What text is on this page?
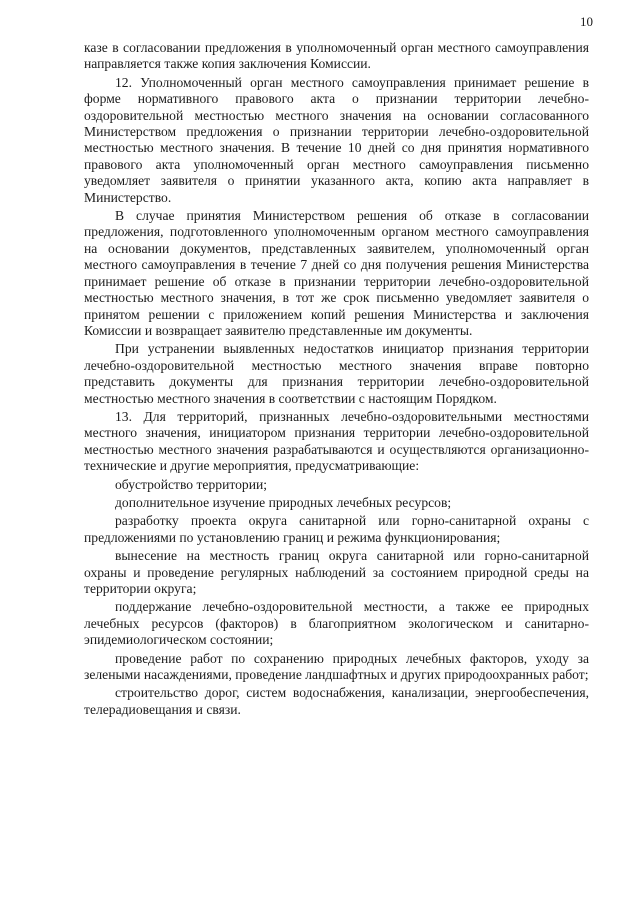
10

казе в согласовании предложения в уполномоченный орган местного самоуправления направляется также копия заключения Комиссии.

12. Уполномоченный орган местного самоуправления принимает решение в форме нормативного правового акта о признании территории лечебно-оздоровительной местностью местного значения на основании согласованного Министерством предложения о признании территории лечебно-оздоровительной местностью местного значения. В течение 10 дней со дня принятия нормативного правового акта уполномоченный орган местного самоуправления письменно уведомляет заявителя о принятии указанного акта, копию акта направляет в Министерство.

В случае принятия Министерством решения об отказе в согласовании предложения, подготовленного уполномоченным органом местного самоуправления на основании документов, представленных заявителем, уполномоченный орган местного самоуправления в течение 7 дней со дня получения решения Министерства принимает решение об отказе в признании территории лечебно-оздоровительной местностью местного значения, в тот же срок письменно уведомляет заявителя о принятом решении с приложением копий решения Министерства и заключения Комиссии и возвращает заявителю представленные им документы.

При устранении выявленных недостатков инициатор признания территории лечебно-оздоровительной местностью местного значения вправе повторно представить документы для признания территории лечебно-оздоровительной местностью местного значения в соответствии с настоящим Порядком.

13. Для территорий, признанных лечебно-оздоровительными местностями местного значения, инициатором признания территории лечебно-оздоровительной местностью местного значения разрабатываются и осуществляются организационно-технические и другие мероприятия, предусматривающие:

обустройство территории;

дополнительное изучение природных лечебных ресурсов;

разработку проекта округа санитарной или горно-санитарной охраны с предложениями по установлению границ и режима функционирования;

вынесение на местность границ округа санитарной или горно-санитарной охраны и проведение регулярных наблюдений за состоянием природной среды на территории округа;

поддержание лечебно-оздоровительной местности, а также ее природных лечебных ресурсов (факторов) в благоприятном экологическом и санитарно-эпидемиологическом состоянии;

проведение работ по сохранению природных лечебных факторов, уходу за зелеными насаждениями, проведение ландшафтных и других природоохранных работ;

строительство дорог, систем водоснабжения, канализации, энергообеспечения, телерадиовещания и связи.
